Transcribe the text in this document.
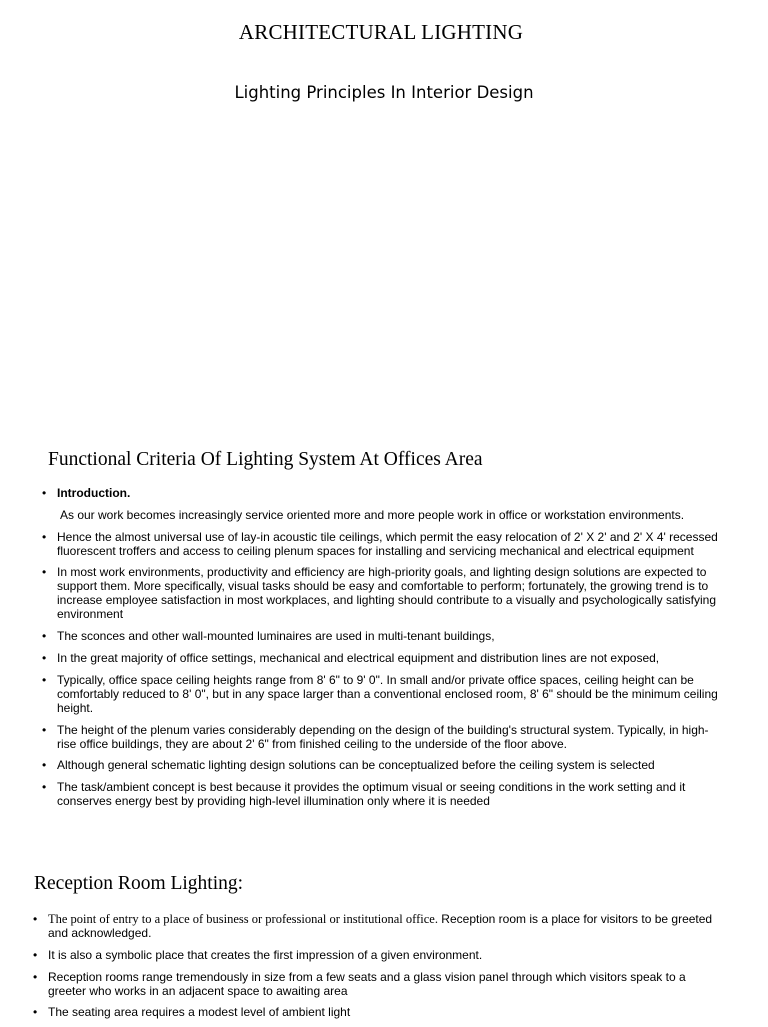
ARCHITECTURAL LIGHTING
Lighting Principles In Interior Design
Functional Criteria Of Lighting System At Offices Area
• Introduction.
As our work becomes increasingly service oriented more and more people work in office or workstation environments.
• Hence the almost universal use of lay-in acoustic tile ceilings, which permit the easy relocation of 2' X 2' and 2' X 4' recessed fluorescent troffers and access to ceiling plenum spaces for installing and servicing mechanical and electrical equipment
• In most work environments, productivity and efficiency are high-priority goals, and lighting design solutions are expected to support them. More specifically, visual tasks should be easy and comfortable to perform; fortunately, the growing trend is to increase employee satisfaction in most workplaces, and lighting should contribute to a visually and psychologically satisfying environment
• The sconces and other wall-mounted luminaires are used in multi-tenant buildings,
• In the great majority of office settings, mechanical and electrical equipment and distribution lines are not exposed,
• Typically, office space ceiling heights range from 8' 6" to 9' 0". In small and/or private office spaces, ceiling height can be comfortably reduced to 8' 0", but in any space larger than a conventional enclosed room, 8' 6" should be the minimum ceiling height.
• The height of the plenum varies considerably depending on the design of the building's structural system. Typically, in high-rise office buildings, they are about 2' 6" from finished ceiling to the underside of the floor above.
• Although general schematic lighting design solutions can be conceptualized before the ceiling system is selected
• The task/ambient concept is best because it provides the optimum visual or seeing conditions in the work setting and it conserves energy best by providing high-level illumination only where it is needed
Reception Room Lighting:
• The point of entry to a place of business or professional or institutional office. Reception room is a place for visitors to be greeted and acknowledged.
• It is also a symbolic place that creates the first impression of a given environment.
• Reception rooms range tremendously in size from a few seats and a glass vision panel through which visitors speak to a greeter who works in an adjacent space to awaiting area
• The seating area requires a modest level of ambient light
